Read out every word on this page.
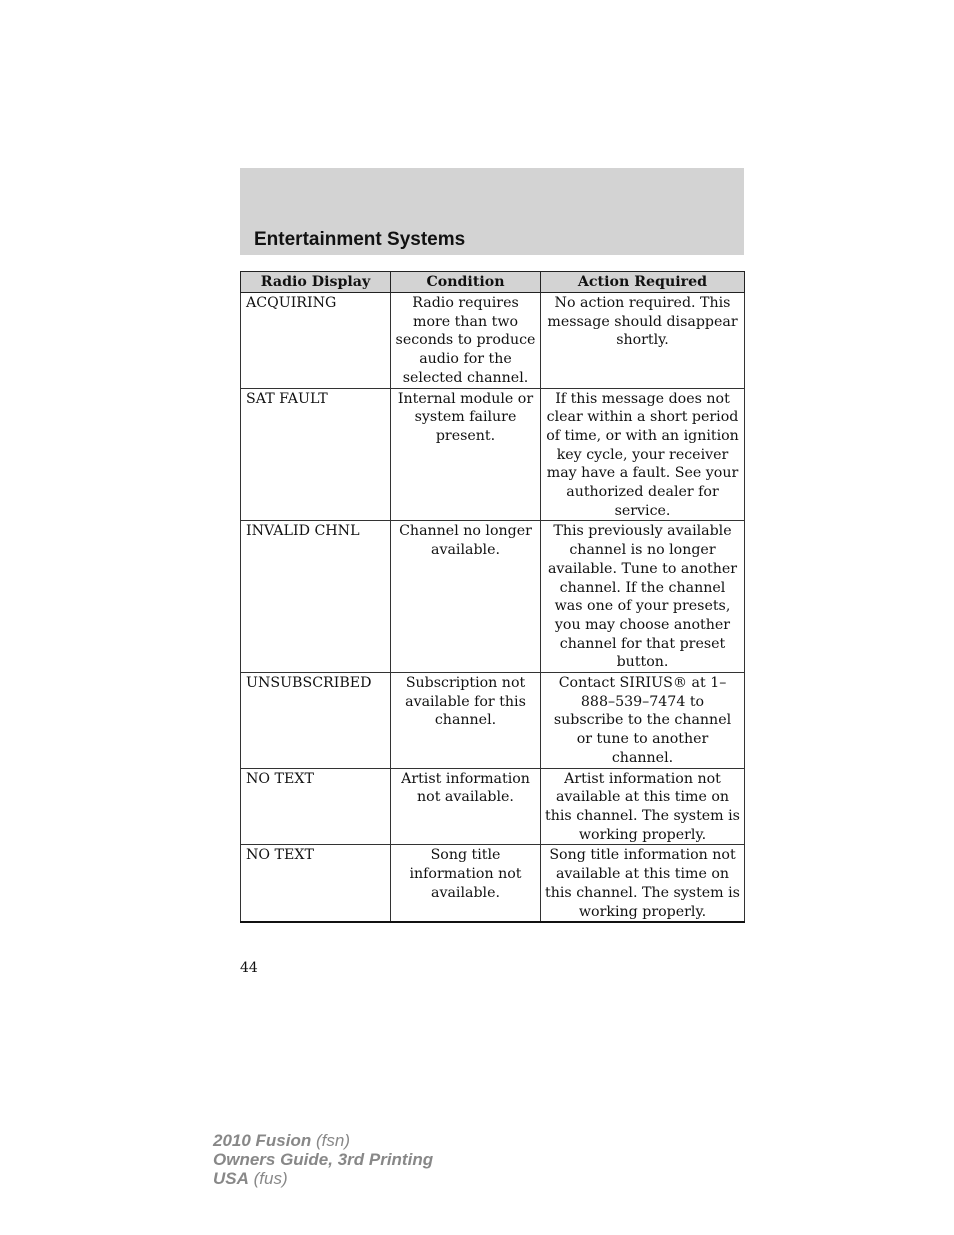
Entertainment Systems
Radio Display	Condition	Action Required
ACQUIRING	Radio requires more than two seconds to produce audio for the selected channel.	No action required. This message should disappear shortly.
SAT FAULT	Internal module or system failure present.	If this message does not clear within a short period of time, or with an ignition key cycle, your receiver may have a fault. See your authorized dealer for service.
INVALID CHNL	Channel no longer available.	This previously available channel is no longer available. Tune to another channel. If the channel was one of your presets, you may choose another channel for that preset button.
UNSUBSCRIBED	Subscription not available for this channel.	Contact SIRIUS® at 1–888–539–7474 to subscribe to the channel or tune to another channel.
NO TEXT	Artist information not available.	Artist information not available at this time on this channel. The system is working properly.
NO TEXT	Song title information not available.	Song title information not available at this time on this channel. The system is working properly.
44
2010 Fusion (fsn)
Owners Guide, 3rd Printing
USA (fus)
